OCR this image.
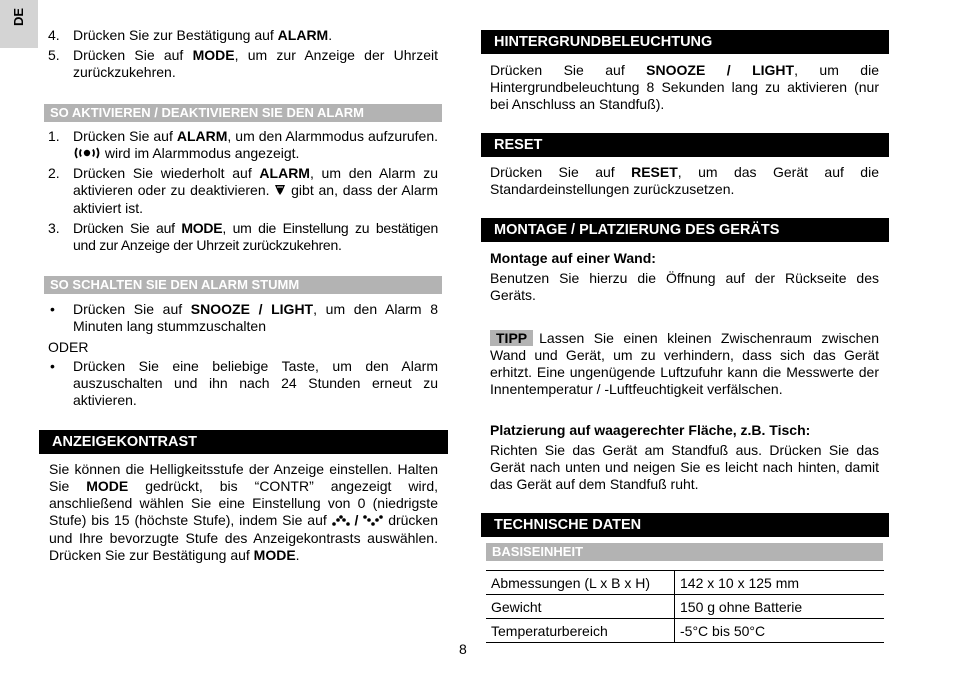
DE
4. Drücken Sie zur Bestätigung auf ALARM.
5. Drücken Sie auf MODE, um zur Anzeige der Uhrzeit zurückzukehren.
SO AKTIVIEREN / DEAKTIVIEREN SIE DEN ALARM
1. Drücken Sie auf ALARM, um den Alarmmodus aufzurufen.  wird im Alarmmodus angezeigt.
2. Drücken Sie wiederholt auf ALARM, um den Alarm zu aktivieren oder zu deaktivieren.  gibt an, dass der Alarm aktiviert ist.
3. Drücken Sie auf MODE, um die Einstellung zu bestätigen und zur Anzeige der Uhrzeit zurückzukehren.
SO SCHALTEN SIE DEN ALARM STUMM
• Drücken Sie auf SNOOZE / LIGHT, um den Alarm 8 Minuten lang stummzuschalten
ODER
• Drücken Sie eine beliebige Taste, um den Alarm auszuschalten und ihn nach 24 Stunden erneut zu aktivieren.
ANZEIGEKONTRAST
Sie können die Helligkeitsstufe der Anzeige einstellen. Halten Sie MODE gedrückt, bis “CONTR” angezeigt wird, anschließend wählen Sie eine Einstellung von 0 (niedrigste Stufe) bis 15 (höchste Stufe), indem Sie auf  /  drücken und Ihre bevorzugte Stufe des Anzeigekontrasts auswählen. Drücken Sie zur Bestätigung auf MODE.
HINTERGRUNDBELEUCHTUNG
Drücken Sie auf SNOOZE / LIGHT, um die Hintergrundbeleuchtung 8 Sekunden lang zu aktivieren (nur bei Anschluss an Standfuß).
RESET
Drücken Sie auf RESET, um das Gerät auf die Standardeinstellungen zurückzusetzen.
MONTAGE / PLATZIERUNG DES GERÄTS
Montage auf einer Wand:
Benutzen Sie hierzu die Öffnung auf der Rückseite des Geräts.
TIPP Lassen Sie einen kleinen Zwischenraum zwischen Wand und Gerät, um zu verhindern, dass sich das Gerät erhitzt. Eine ungenügende Luftzufuhr kann die Messwerte der Innentemperatur / -Luftfeuchtigkeit verfälschen.
Platzierung auf waagerechter Fläche, z.B. Tisch:
Richten Sie das Gerät am Standfuß aus. Drücken Sie das Gerät nach unten und neigen Sie es leicht nach hinten, damit das Gerät auf dem Standfuß ruht.
TECHNISCHE DATEN
BASISEINHEIT
Abmessungen (L x B x H)	142 x 10 x 125 mm
Gewicht	150 g ohne Batterie
Temperaturbereich	-5°C bis 50°C
8
